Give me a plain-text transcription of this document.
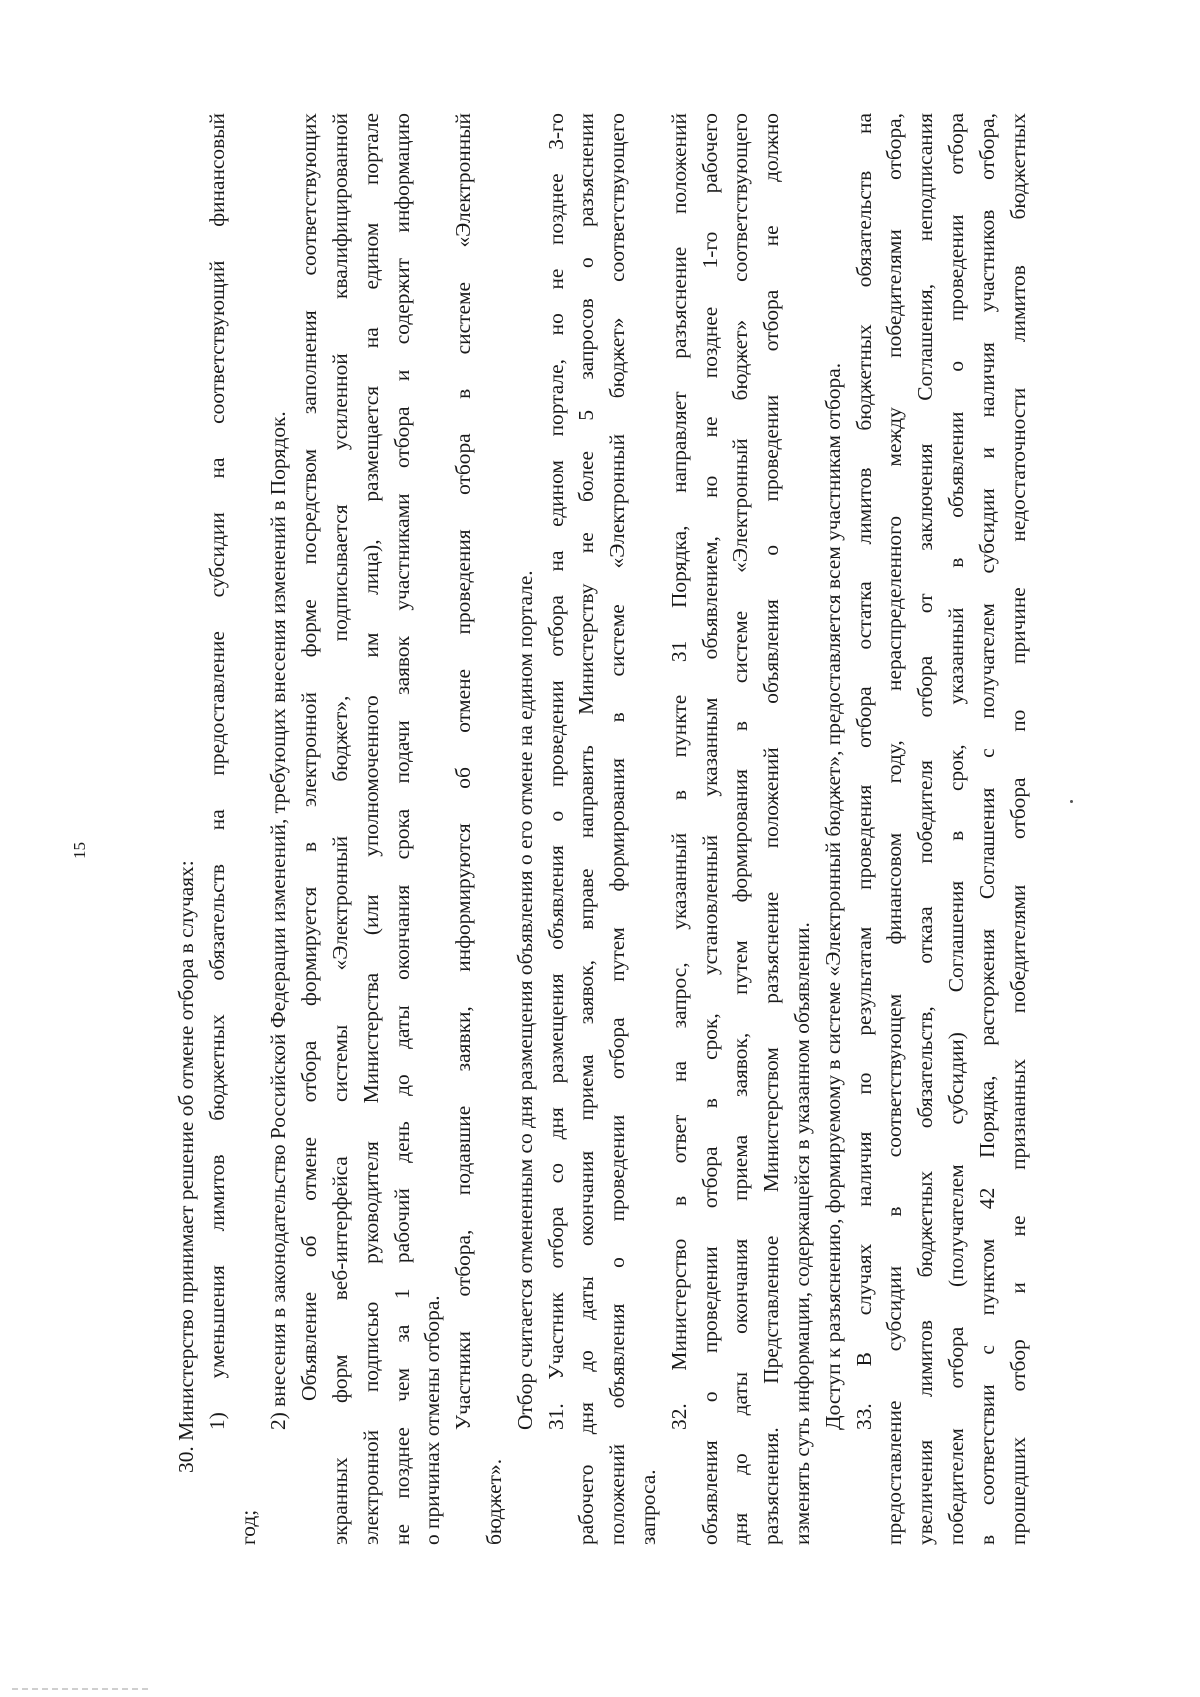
15
30. Министерство принимает решение об отмене отбора в случаях: 1) уменьшения лимитов бюджетных обязательств на предоставление субсидии на соответствующий финансовый
год;
2) внесения в законодательство Российской Федерации изменений, требующих внесения изменений в Порядок. Объявление об отмене отбора формируется в электронной форме посредством заполнения соответствующих экранных форм веб-интерфейса системы «Электронный бюджет», подписывается усиленной квалифицированной электронной подписью руководителя Министерства (или уполномоченного им лица), размещается на едином портале не позднее чем за 1 рабочий день до даты окончания срока подачи заявок участниками отбора и содержит информацию о причинах отмены отбора. Участники отбора, подавшие заявки, информируются об отмене проведения отбора в системе «Электронный
бюджет».
Отбор считается отмененным со дня размещения объявления о его отмене на едином портале. 31. Участник отбора со дня размещения объявления о проведении отбора на едином портале, но не позднее 3-го рабочего дня до даты окончания приема заявок, вправе направить Министерству не более 5 запросов о разъяснении положений объявления о проведении отбора путем формирования в системе «Электронный бюджет» соответствующего запроса.
32. Министерство в ответ на запрос, указанный в пункте 31 Порядка, направляет разъяснение положений объявления о проведении отбора в срок, установленный указанным объявлением, но не позднее 1-го рабочего дня до даты окончания приема заявок, путем формирования в системе «Электронный бюджет» соответствующего разъяснения. Представленное Министерством разъяснение положений объявления о проведении отбора не должно изменять суть информации, содержащейся в указанном объявлении. Доступ к разъяснению, формируемому в системе «Электронный бюджет», предоставляется всем участникам отбора. 33. В случаях наличия по результатам проведения отбора остатка лимитов бюджетных обязательств на предоставление субсидии в соответствующем финансовом году, нераспределенного между победителями отбора, увеличения лимитов бюджетных обязательств, отказа победителя отбора от заключения Соглашения, неподписания победителем отбора (получателем субсидии) Соглашения в срок, указанный в объявлении о проведении отбора в соответствии с пунктом 42 Порядка, расторжения Соглашения с получателем субсидии и наличия участников отбора, прошедших отбор и не признанных победителями отбора по причине недостаточности лимитов бюджетных
